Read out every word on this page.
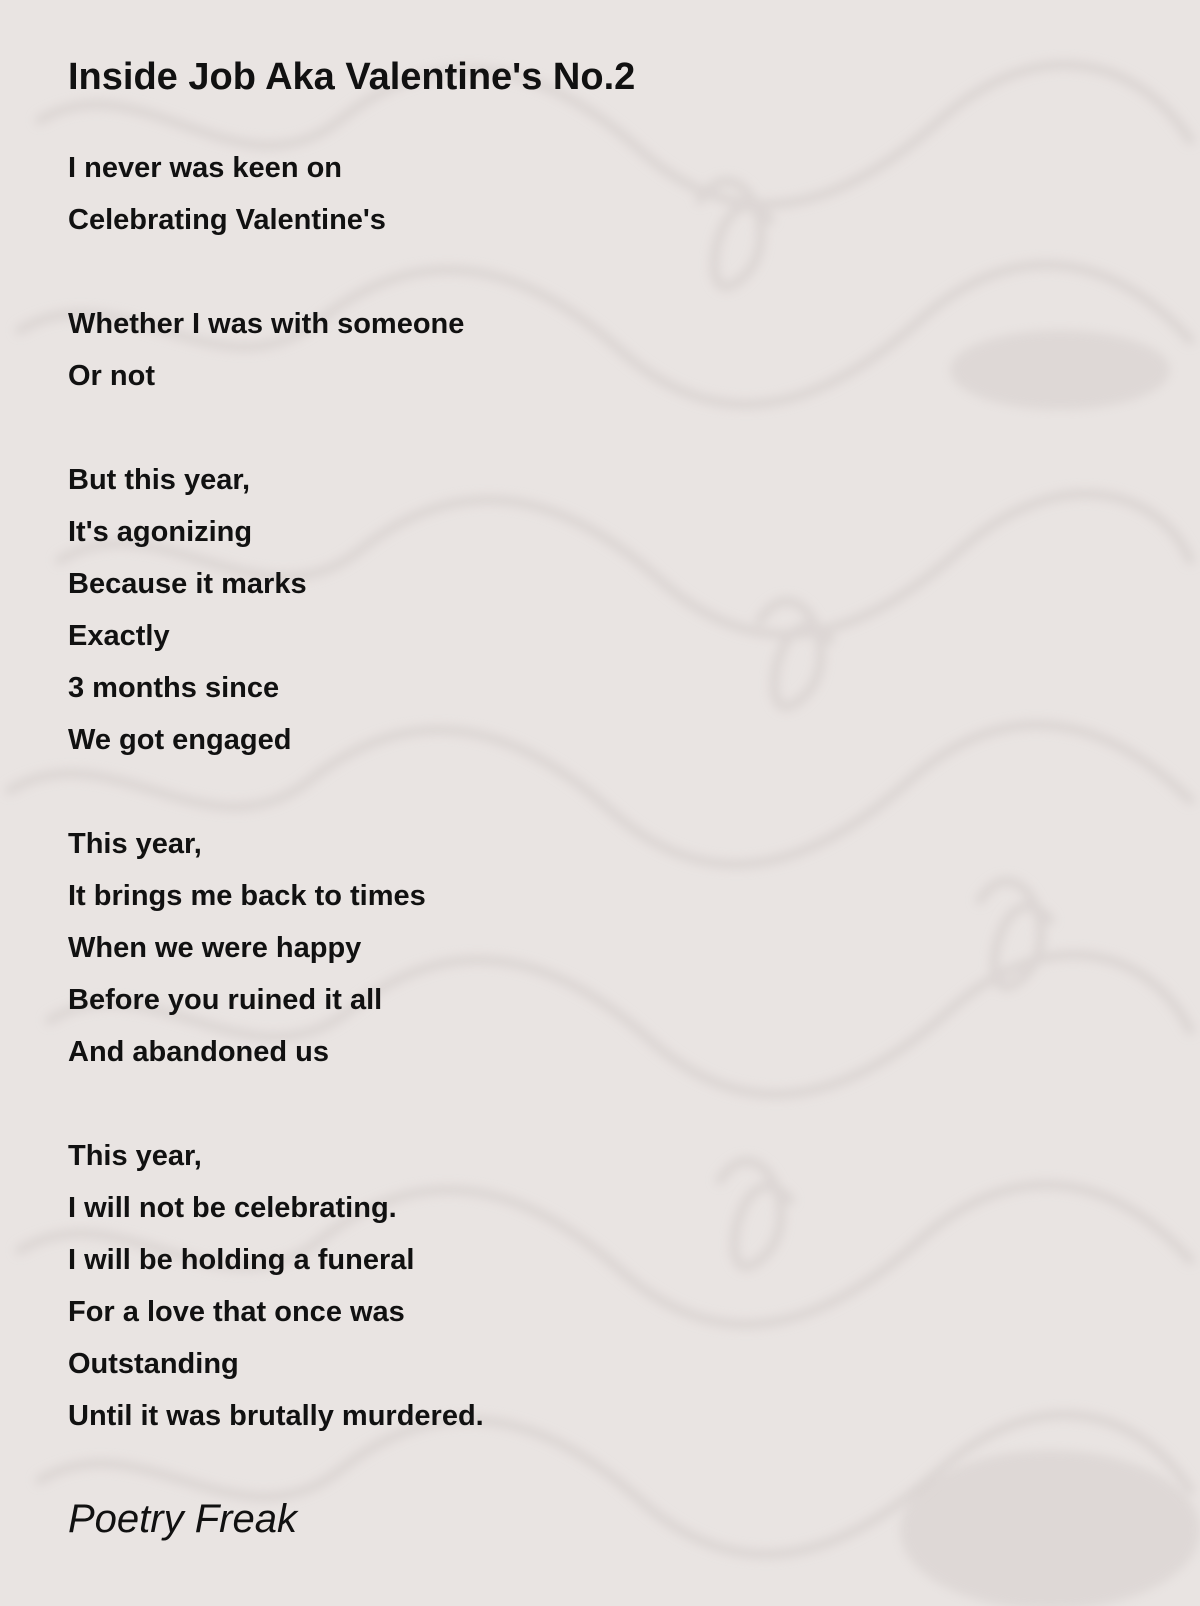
Inside Job Aka Valentine's No.2
I never was keen on
Celebrating Valentine's
Whether I was with someone
Or not
But this year,
It's agonizing
Because it marks
Exactly
3 months since
We got engaged
This year,
It brings me back to times
When we were happy
Before you ruined it all
And abandoned us
This year,
I will not be celebrating.
I will be holding a funeral
For a love that once was
Outstanding
Until it was brutally murdered.
Poetry Freak
